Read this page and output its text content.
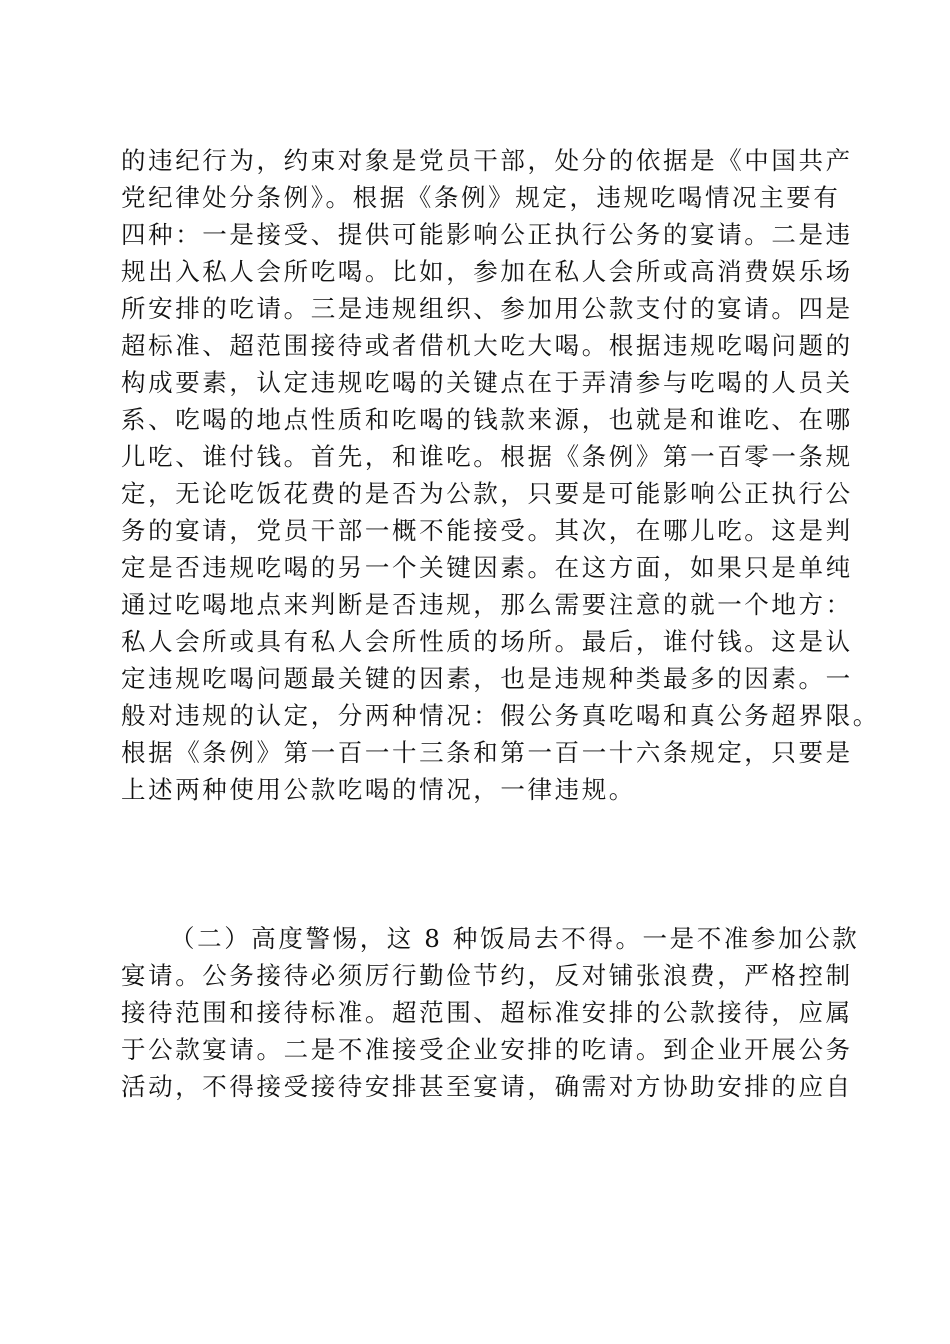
的违纪行为，约束对象是党员干部，处分的依据是《中国共产
党纪律处分条例》。根据《条例》规定，违规吃喝情况主要有
四种：一是接受、提供可能影响公正执行公务的宴请。二是违
规出入私人会所吃喝。比如，参加在私人会所或高消费娱乐场
所安排的吃请。三是违规组织、参加用公款支付的宴请。四是
超标准、超范围接待或者借机大吃大喝。根据违规吃喝问题的
构成要素，认定违规吃喝的关键点在于弄清参与吃喝的人员关
系、吃喝的地点性质和吃喝的钱款来源，也就是和谁吃、在哪
儿吃、谁付钱。首先，和谁吃。根据《条例》第一百零一条规
定，无论吃饭花费的是否为公款，只要是可能影响公正执行公
务的宴请，党员干部一概不能接受。其次，在哪儿吃。这是判
定是否违规吃喝的另一个关键因素。在这方面，如果只是单纯
通过吃喝地点来判断是否违规，那么需要注意的就一个地方：
私人会所或具有私人会所性质的场所。最后，谁付钱。这是认
定违规吃喝问题最关键的因素，也是违规种类最多的因素。一
般对违规的认定，分两种情况：假公务真吃喝和真公务超界限。
根据《条例》第一百一十三条和第一百一十六条规定，只要是
上述两种使用公款吃喝的情况，一律违规。
（二）高度警惕，这 8 种饭局去不得。一是不准参加公款
宴请。公务接待必须厉行勤俭节约，反对铺张浪费，严格控制
接待范围和接待标准。超范围、超标准安排的公款接待，应属
于公款宴请。二是不准接受企业安排的吃请。到企业开展公务
活动，不得接受接待安排甚至宴请，确需对方协助安排的应自
